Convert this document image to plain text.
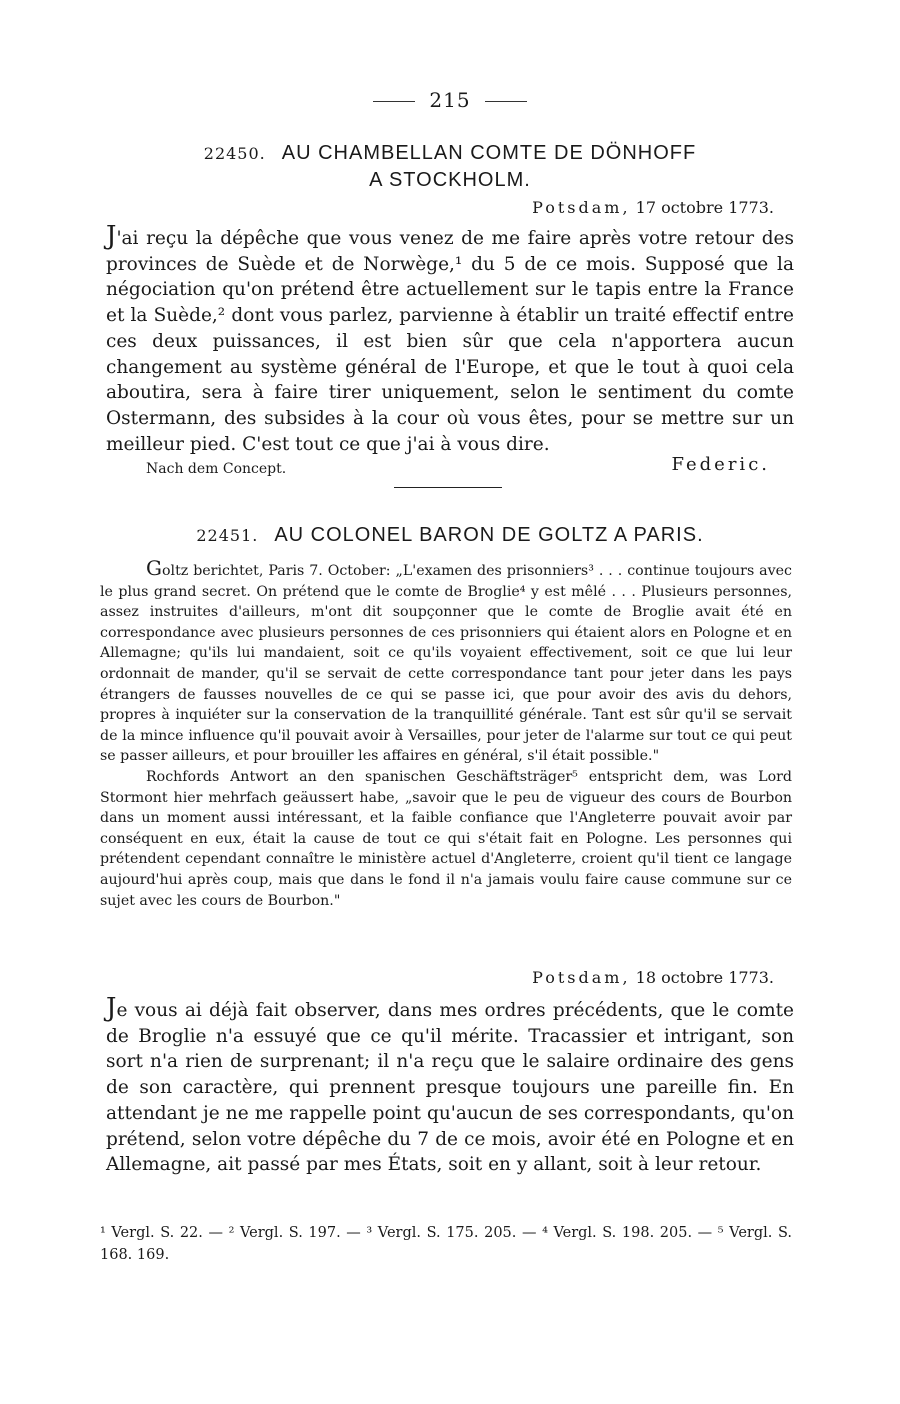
215
22450. AU CHAMBELLAN COMTE DE DÖNHOFF
A STOCKHOLM.
Potsdam, 17 octobre 1773.
J'ai reçu la dépêche que vous venez de me faire après votre retour des provinces de Suède et de Norwège,¹ du 5 de ce mois. Supposé que la négociation qu'on prétend être actuellement sur le tapis entre la France et la Suède,² dont vous parlez, parvienne à établir un traité effectif entre ces deux puissances, il est bien sûr que cela n'apportera aucun changement au système général de l'Europe, et que le tout à quoi cela aboutira, sera à faire tirer uniquement, selon le sentiment du comte Ostermann, des subsides à la cour où vous êtes, pour se mettre sur un meilleur pied. C'est tout ce que j'ai à vous dire.
Nach dem Concept.	Federic.
22451. AU COLONEL BARON DE GOLTZ A PARIS.

Goltz berichtet, Paris 7. October: „L'examen des prisonniers³ . . . continue toujours avec le plus grand secret. On prétend que le comte de Broglie⁴ y est mêlé . . . Plusieurs personnes, assez instruites d'ailleurs, m'ont dit soupçonner que le comte de Broglie avait été en correspondance avec plusieurs personnes de ces prisonniers qui étaient alors en Pologne et en Allemagne; qu'ils lui mandaient, soit ce qu'ils voyaient effectivement, soit ce que lui leur ordonnait de mander, qu'il se servait de cette correspondance tant pour jeter dans les pays étrangers de fausses nouvelles de ce qui se passe ici, que pour avoir des avis du dehors, propres à inquiéter sur la conservation de la tranquillité générale. Tant est sûr qu'il se servait de la mince influence qu'il pouvait avoir à Versailles, pour jeter de l'alarme sur tout ce qui peut se passer ailleurs, et pour brouiller les affaires en général, s'il était possible."

Rochfords Antwort an den spanischen Geschäftsträger⁵ entspricht dem, was Lord Stormont hier mehrfach geäussert habe, „savoir que le peu de vigueur des cours de Bourbon dans un moment aussi intéressant, et la faible confiance que l'Angleterre pouvait avoir par conséquent en eux, était la cause de tout ce qui s'était fait en Pologne. Les personnes qui prétendent cependant connaître le ministère actuel d'Angleterre, croient qu'il tient ce langage aujourd'hui après coup, mais que dans le fond il n'a jamais voulu faire cause commune sur ce sujet avec les cours de Bourbon."

Potsdam, 18 octobre 1773.
Je vous ai déjà fait observer, dans mes ordres précédents, que le comte de Broglie n'a essuyé que ce qu'il mérite. Tracassier et intrigant, son sort n'a rien de surprenant; il n'a reçu que le salaire ordinaire des gens de son caractère, qui prennent presque toujours une pareille fin. En attendant je ne me rappelle point qu'aucun de ses correspondants, qu'on prétend, selon votre dépêche du 7 de ce mois, avoir été en Pologne et en Allemagne, ait passé par mes États, soit en y allant, soit à leur retour.
¹ Vergl. S. 22. — ² Vergl. S. 197. — ³ Vergl. S. 175. 205. — ⁴ Vergl. S. 198. 205. — ⁵ Vergl. S. 168. 169.
